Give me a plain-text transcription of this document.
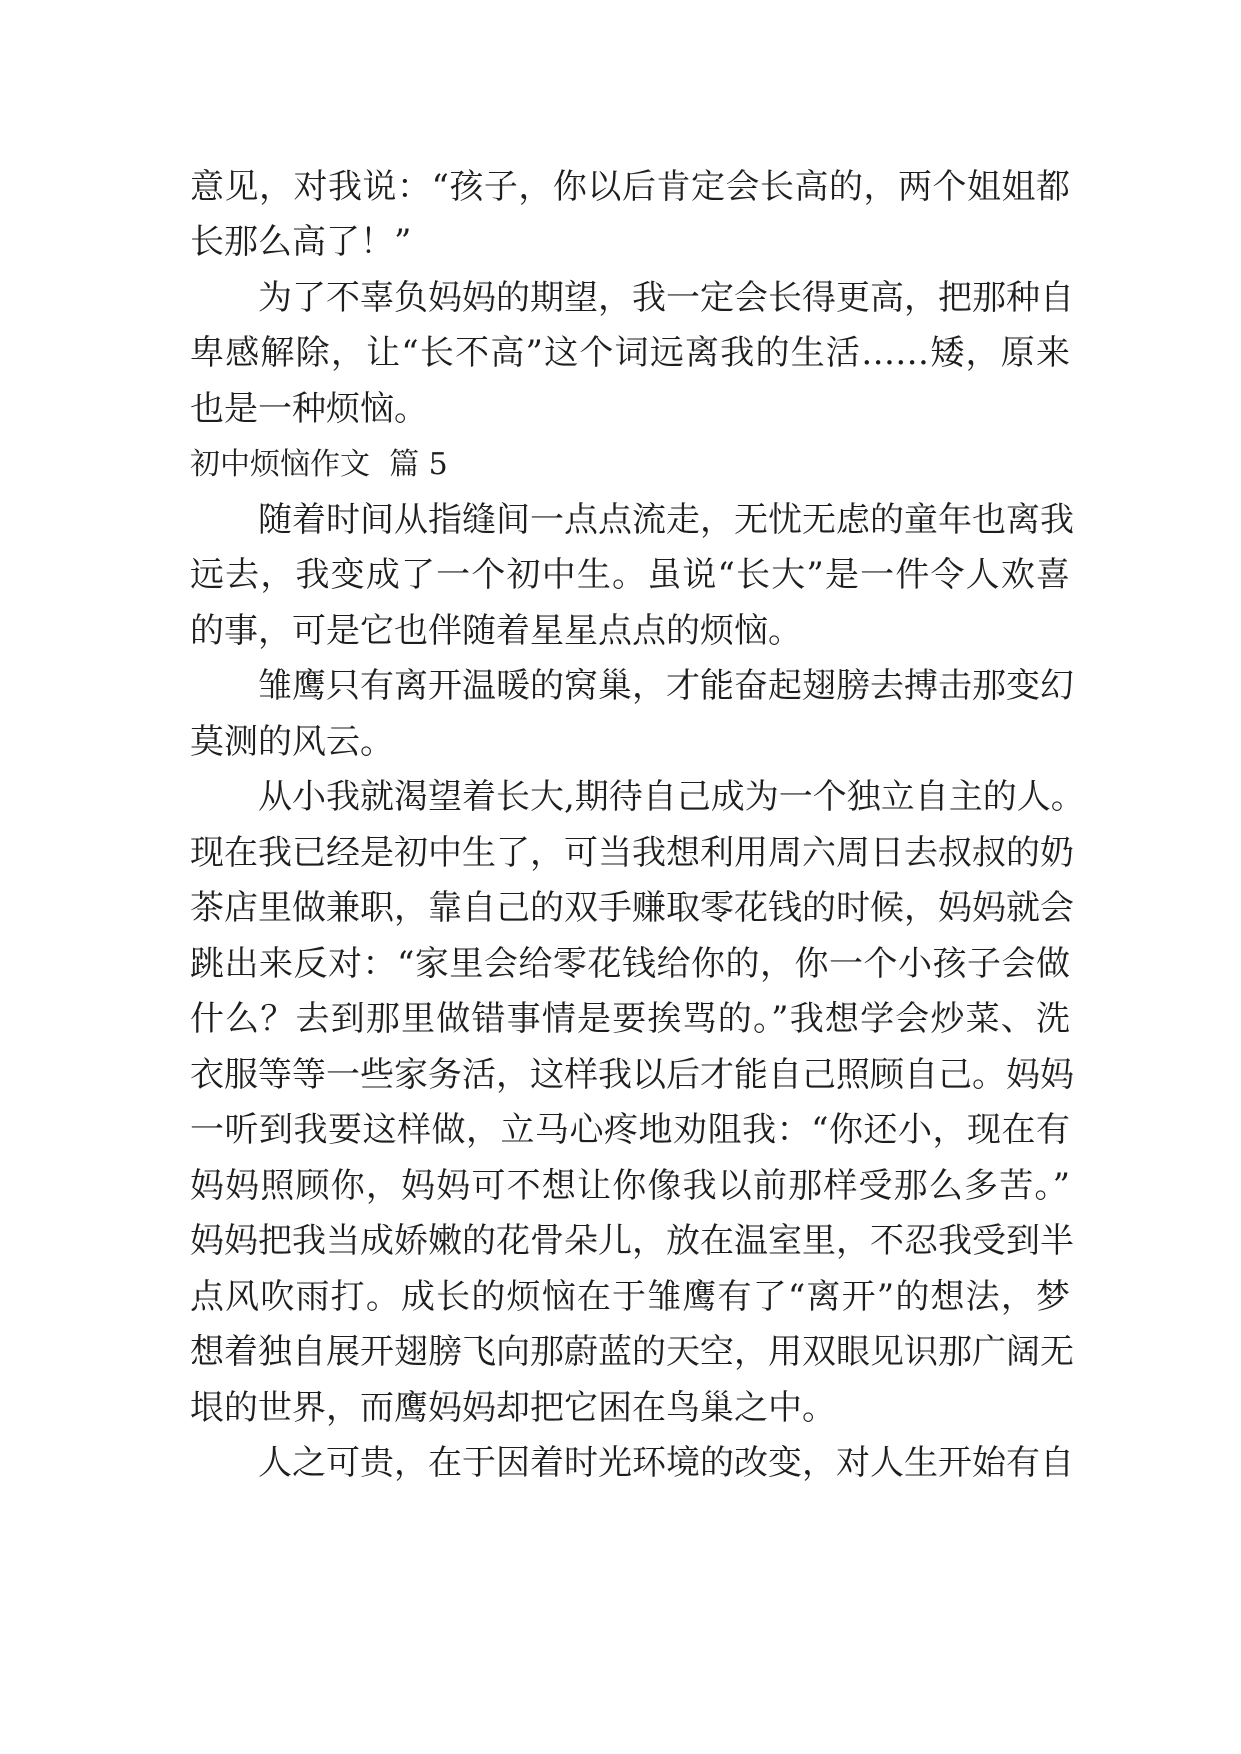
意见，对我说：“孩子，你以后肯定会长高的，两个姐姐都
长那么高了！”
为了不辜负妈妈的期望，我一定会长得更高，把那种自
卑感解除，让“长不高”这个词远离我的生活……矮，原来
也是一种烦恼。
初中烦恼作文  篇 5
随着时间从指缝间一点点流走，无忧无虑的童年也离我
远去，我变成了一个初中生。虽说“长大”是一件令人欢喜
的事，可是它也伴随着星星点点的烦恼。
雏鹰只有离开温暖的窝巢，才能奋起翅膀去搏击那变幻
莫测的风云。
从小我就渴望着长大,期待自己成为一个独立自主的人。
现在我已经是初中生了，可当我想利用周六周日去叔叔的奶
茶店里做兼职，靠自己的双手赚取零花钱的时候，妈妈就会
跳出来反对：“家里会给零花钱给你的，你一个小孩子会做
什么？去到那里做错事情是要挨骂的。”我想学会炒菜、洗
衣服等等一些家务活，这样我以后才能自己照顾自己。妈妈
一听到我要这样做，立马心疼地劝阻我：“你还小，现在有
妈妈照顾你，妈妈可不想让你像我以前那样受那么多苦。”
妈妈把我当成娇嫩的花骨朵儿，放在温室里，不忍我受到半
点风吹雨打。成长的烦恼在于雏鹰有了“离开”的想法，梦
想着独自展开翅膀飞向那蔚蓝的天空，用双眼见识那广阔无
垠的世界，而鹰妈妈却把它困在鸟巢之中。
人之可贵，在于因着时光环境的改变，对人生开始有自
